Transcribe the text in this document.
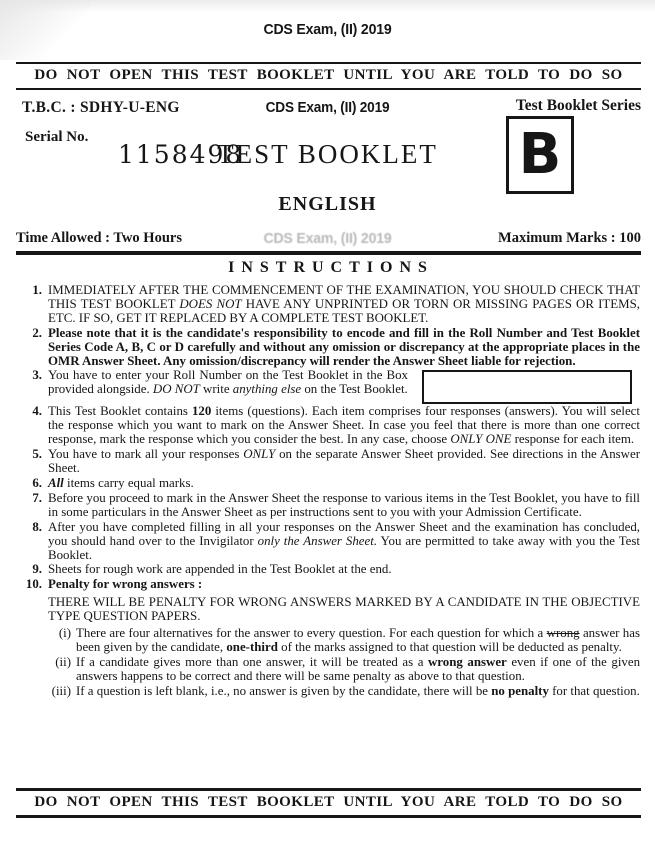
CDS Exam, (II) 2019
DO NOT OPEN THIS TEST BOOKLET UNTIL YOU ARE TOLD TO DO SO
T.B.C. : SDHY-U-ENG	CDS Exam, (II) 2019	Test Booklet Series
Serial No.
1158498
TEST BOOKLET	B
ENGLISH
Time Allowed : Two Hours	CDS Exam, (II) 2019	Maximum Marks : 100
INSTRUCTIONS
1. IMMEDIATELY AFTER THE COMMENCEMENT OF THE EXAMINATION, YOU SHOULD CHECK THAT THIS TEST BOOKLET DOES NOT HAVE ANY UNPRINTED OR TORN OR MISSING PAGES OR ITEMS, ETC. IF SO, GET IT REPLACED BY A COMPLETE TEST BOOKLET.
2. Please note that it is the candidate's responsibility to encode and fill in the Roll Number and Test Booklet Series Code A, B, C or D carefully and without any omission or discrepancy at the appropriate places in the OMR Answer Sheet. Any omission/discrepancy will render the Answer Sheet liable for rejection.
3. You have to enter your Roll Number on the Test Booklet in the Box provided alongside. DO NOT write anything else on the Test Booklet.
4. This Test Booklet contains 120 items (questions). Each item comprises four responses (answers). You will select the response which you want to mark on the Answer Sheet. In case you feel that there is more than one correct response, mark the response which you consider the best. In any case, choose ONLY ONE response for each item.
5. You have to mark all your responses ONLY on the separate Answer Sheet provided. See directions in the Answer Sheet.
6. All items carry equal marks.
7. Before you proceed to mark in the Answer Sheet the response to various items in the Test Booklet, you have to fill in some particulars in the Answer Sheet as per instructions sent to you with your Admission Certificate.
8. After you have completed filling in all your responses on the Answer Sheet and the examination has concluded, you should hand over to the Invigilator only the Answer Sheet. You are permitted to take away with you the Test Booklet.
9. Sheets for rough work are appended in the Test Booklet at the end.
10. Penalty for wrong answers :
THERE WILL BE PENALTY FOR WRONG ANSWERS MARKED BY A CANDIDATE IN THE OBJECTIVE TYPE QUESTION PAPERS.
(i) There are four alternatives for the answer to every question. For each question for which a wrong answer has been given by the candidate, one-third of the marks assigned to that question will be deducted as penalty.
(ii) If a candidate gives more than one answer, it will be treated as a wrong answer even if one of the given answers happens to be correct and there will be same penalty as above to that question.
(iii) If a question is left blank, i.e., no answer is given by the candidate, there will be no penalty for that question.
DO NOT OPEN THIS TEST BOOKLET UNTIL YOU ARE TOLD TO DO SO
